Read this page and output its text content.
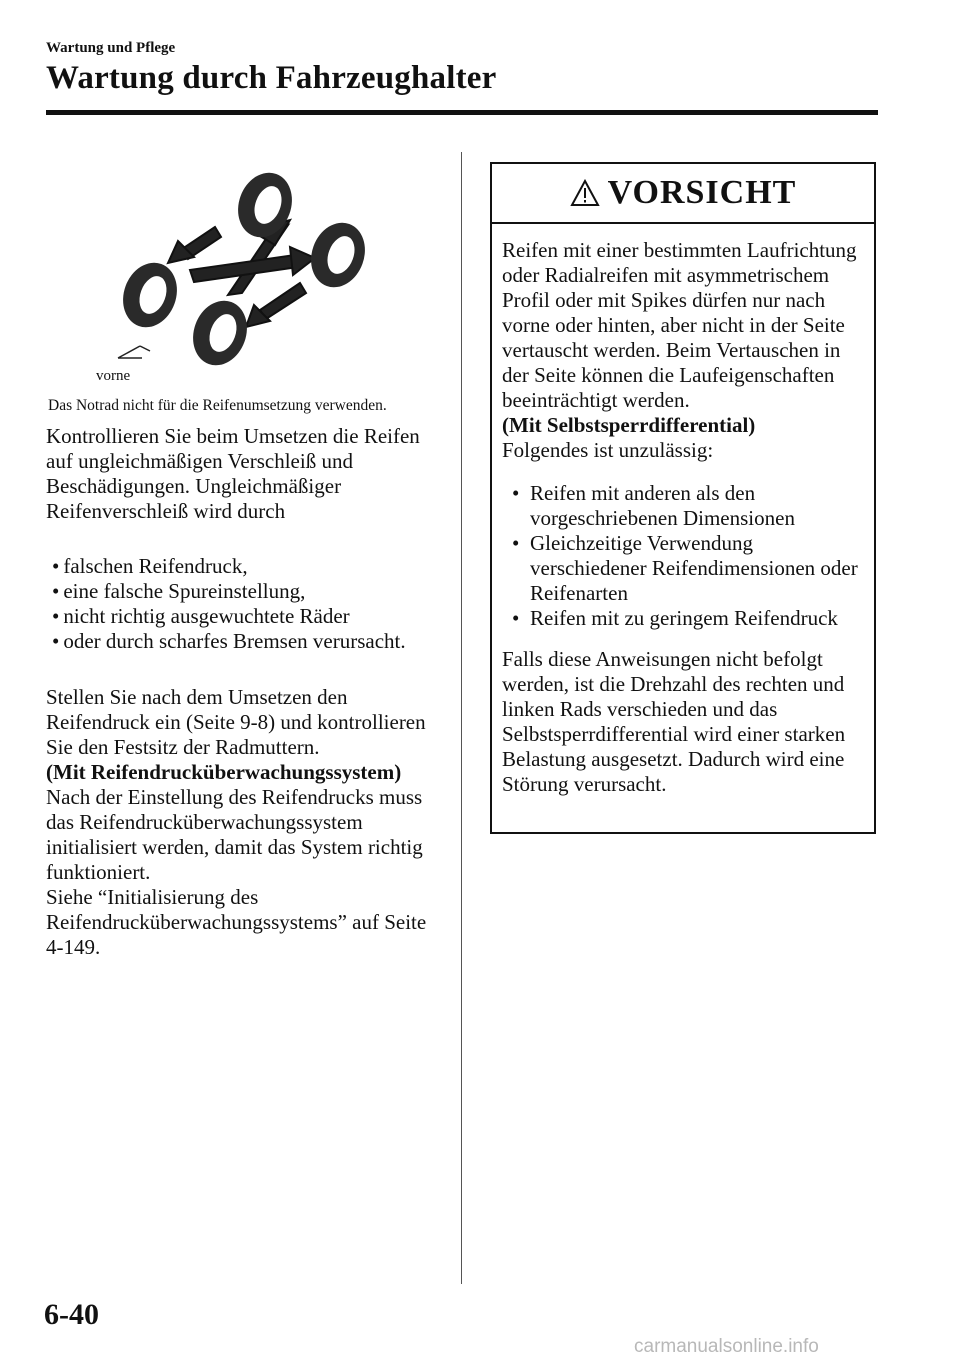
Wartung und Pflege
Wartung durch Fahrzeughalter
vorne
Das Notrad nicht für die Reifenumsetzung verwenden.

Kontrollieren Sie beim Umsetzen die Reifen auf ungleichmäßigen Verschleiß und Beschädigungen. Ungleichmäßiger Reifenverschleiß wird durch

• falschen Reifendruck,
• eine falsche Spureinstellung,
• nicht richtig ausgewuchtete Räder
• oder durch scharfes Bremsen verursacht.

Stellen Sie nach dem Umsetzen den Reifendruck ein (Seite 9-8) und kontrollieren Sie den Festsitz der Radmuttern.

(Mit Reifendrucküberwachungssystem)

Nach der Einstellung des Reifendrucks muss das Reifendrucküberwachungssystem initialisiert werden, damit das System richtig funktioniert.

Siehe “Initialisierung des Reifendrucküberwachungssystems” auf Seite 4-149.

VORSICHT

Reifen mit einer bestimmten Laufrichtung oder Radialreifen mit asymmetrischem Profil oder mit Spikes dürfen nur nach vorne oder hinten, aber nicht in der Seite vertauscht werden. Beim Vertauschen in der Seite können die Laufeigenschaften beeinträchtigt werden.

(Mit Selbstsperrdifferential)

Folgendes ist unzulässig:

• Reifen mit anderen als den vorgeschriebenen Dimensionen
• Gleichzeitige Verwendung verschiedener Reifendimensionen oder Reifenarten
• Reifen mit zu geringem Reifendruck

Falls diese Anweisungen nicht befolgt werden, ist die Drehzahl des rechten und linken Rads verschieden und das Selbstsperrdifferential wird einer starken Belastung ausgesetzt. Dadurch wird eine Störung verursacht.

6-40
carmanualsonline.info
